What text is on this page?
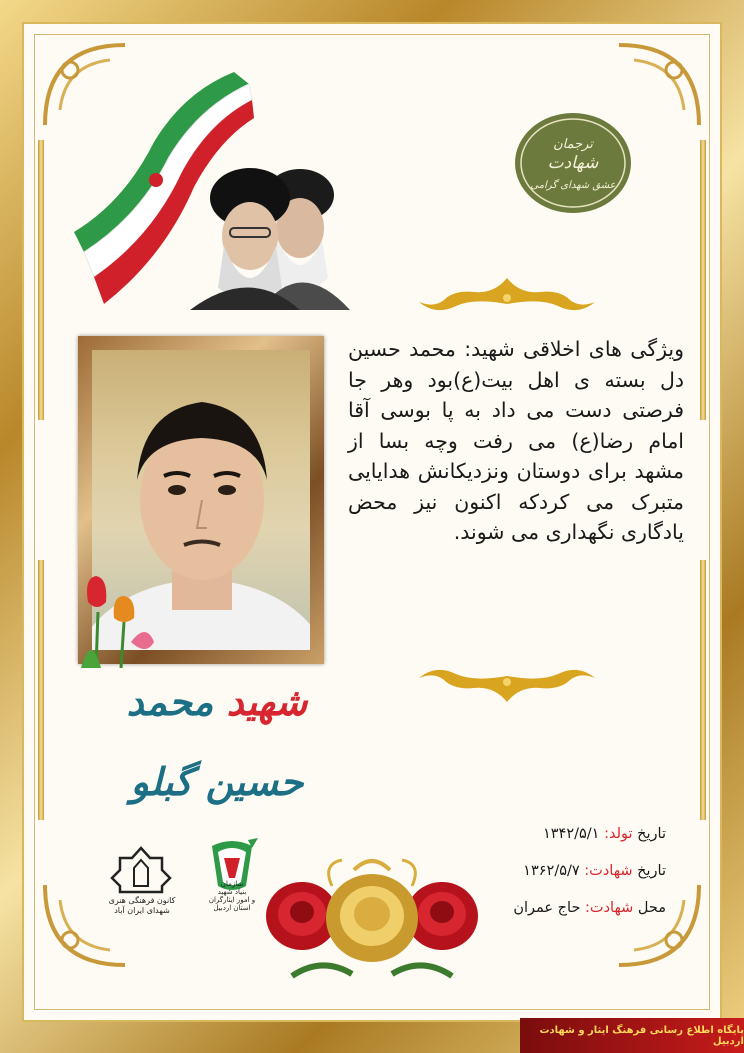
ترجمان
شهادت
عشق شهدای گرامی
ویژگی های اخلاقی شهید: محمد حسین دل بسته ی اهل بیت(ع)بود وهر جا فرصتی دست می داد به پا بوسی آقا امام رضا(ع) می رفت وچه بسا از مشهد برای دوستان ونزدیکانش هدایایی متبرک می کردکه اکنون نیز محض یادگاری نگهداری می شوند.
شهید محمد حسین گبلو
تاریخ تولد: ۱۳۴۲/۵/۱
تاریخ شهادت: ۱۳۶۲/۵/۷
محل شهادت: حاج عمران
کانون فرهنگی هنری
شهدای ایران آباد
سازمان
بنیاد شهید
و امور ایثارگران
استان اردبیل
پایگاه اطلاع رسانی فرهنگ ایثار و شهادت اردبیل
